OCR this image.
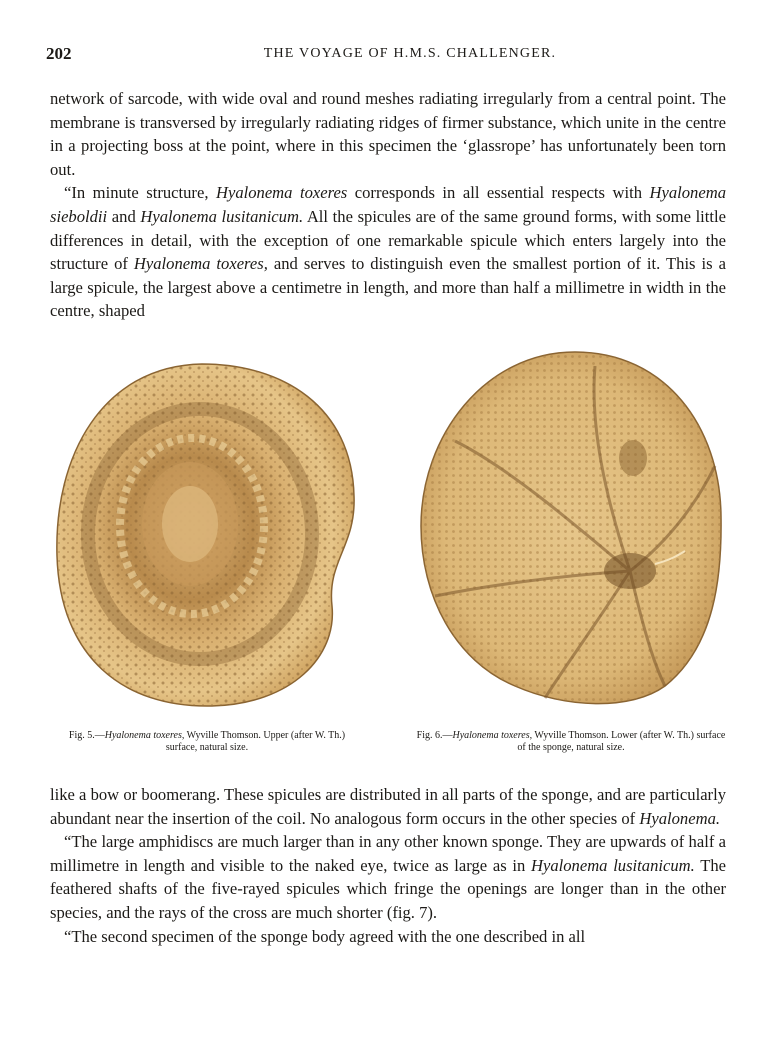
202	THE VOYAGE OF H.M.S. CHALLENGER.

network of sarcode, with wide oval and round meshes radiating irregularly from a central point. The membrane is transversed by irregularly radiating ridges of firmer substance, which unite in the centre in a projecting boss at the point, where in this specimen the ‘glassrope’ has unfortunately been torn out.

“In minute structure, Hyalonema toxeres corresponds in all essential respects with Hyalonema sieboldii and Hyalonema lusitanicum. All the spicules are of the same ground forms, with some little differences in detail, with the exception of one remarkable spicule which enters largely into the structure of Hyalonema toxeres, and serves to distinguish even the smallest portion of it. This is a large spicule, the largest above a centimetre in length, and more than half a millimetre in width in the centre, shaped

Fig. 5.—Hyalonema toxeres, Wyville Thomson. Upper (after W. Th.) surface, natural size.
Fig. 6.—Hyalonema toxeres, Wyville Thomson. Lower (after W. Th.) surface of the sponge, natural size.

like a bow or boomerang. These spicules are distributed in all parts of the sponge, and are particularly abundant near the insertion of the coil. No analogous form occurs in the other species of Hyalonema.

“The large amphidiscs are much larger than in any other known sponge. They are upwards of half a millimetre in length and visible to the naked eye, twice as large as in Hyalonema lusitanicum. The feathered shafts of the five-rayed spicules which fringe the openings are longer than in the other species, and the rays of the cross are much shorter (fig. 7).

“The second specimen of the sponge body agreed with the one described in all
